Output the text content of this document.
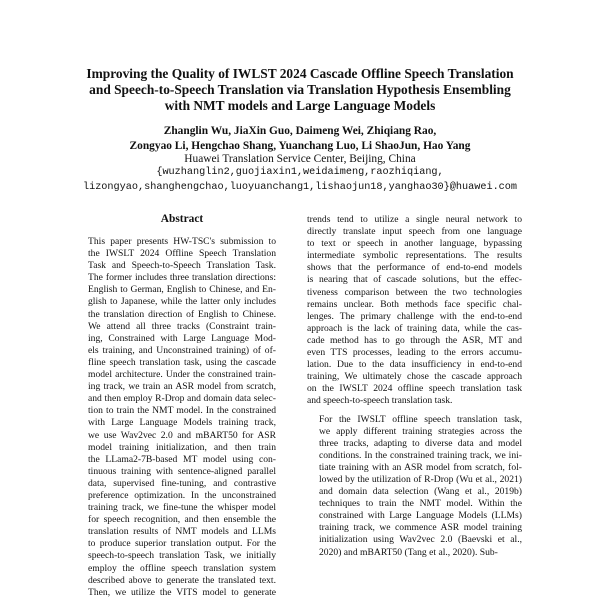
Improving the Quality of IWLST 2024 Cascade Offline Speech Translation
and Speech-to-Speech Translation via Translation Hypothesis Ensembling
with NMT models and Large Language Models
Zhanglin Wu, JiaXin Guo, Daimeng Wei, Zhiqiang Rao,
Zongyao Li, Hengchao Shang, Yuanchang Luo, Li ShaoJun, Hao Yang
Huawei Translation Service Center, Beijing, China
{wuzhanglin2,guojiaxin1,weidaimeng,raozhiqiang,
lizongyao,shanghengchao,luoyuanchang1,lishaojun18,yanghao30}@huawei.com
Abstract
This paper presents HW-TSC's submission to
the IWSLT 2024 Offline Speech Translation
Task and Speech-to-Speech Translation Task.
The former includes three translation directions:
English to German, English to Chinese, and En-
glish to Japanese, while the latter only includes
the translation direction of English to Chinese.
We attend all three tracks (Constraint train-
ing, Constrained with Large Language Mod-
els training, and Unconstrained training) of of-
fline speech translation task, using the cascade
model architecture. Under the constrained train-
ing track, we train an ASR model from scratch,
and then employ R-Drop and domain data selec-
tion to train the NMT model. In the constrained
with Large Language Models training track,
we use Wav2vec 2.0 and mBART50 for ASR
model training initialization, and then train
the LLama2-7B-based MT model using con-
tinuous training with sentence-aligned parallel
data, supervised fine-tuning, and contrastive
preference optimization. In the unconstrained
training track, we fine-tune the whisper model
for speech recognition, and then ensemble the
translation results of NMT models and LLMs
to produce superior translation output. For the
speech-to-speech translation Task, we initially
employ the offline speech translation system
described above to generate the translated text.
Then, we utilize the VITS model to generate

trends tend to utilize a single neural network to
directly translate input speech from one language
to text or speech in another language, bypassing
intermediate symbolic representations. The results
shows that the performance of end-to-end models
is nearing that of cascade solutions, but the effec-
tiveness comparison between the two technologies
remains unclear. Both methods face specific chal-
lenges. The primary challenge with the end-to-end
approach is the lack of training data, while the cas-
cade method has to go through the ASR, MT and
even TTS processes, leading to the errors accumu-
lation. Due to the data insufficiency in end-to-end
training, We ultimately chose the cascade approach
on the IWSLT 2024 offline speech translation task
and speech-to-speech translation task.

For the IWSLT offline speech translation task,
we apply different training strategies across the
three tracks, adapting to diverse data and model
conditions. In the constrained training track, we ini-
tiate training with an ASR model from scratch, fol-
lowed by the utilization of R-Drop (Wu et al., 2021)
and domain data selection (Wang et al., 2019b)
techniques to train the NMT model. Within the
constrained with Large Language Models (LLMs)
training track, we commence ASR model training
initialization using Wav2vec 2.0 (Baevski et al.,
2020) and mBART50 (Tang et al., 2020). Sub-
